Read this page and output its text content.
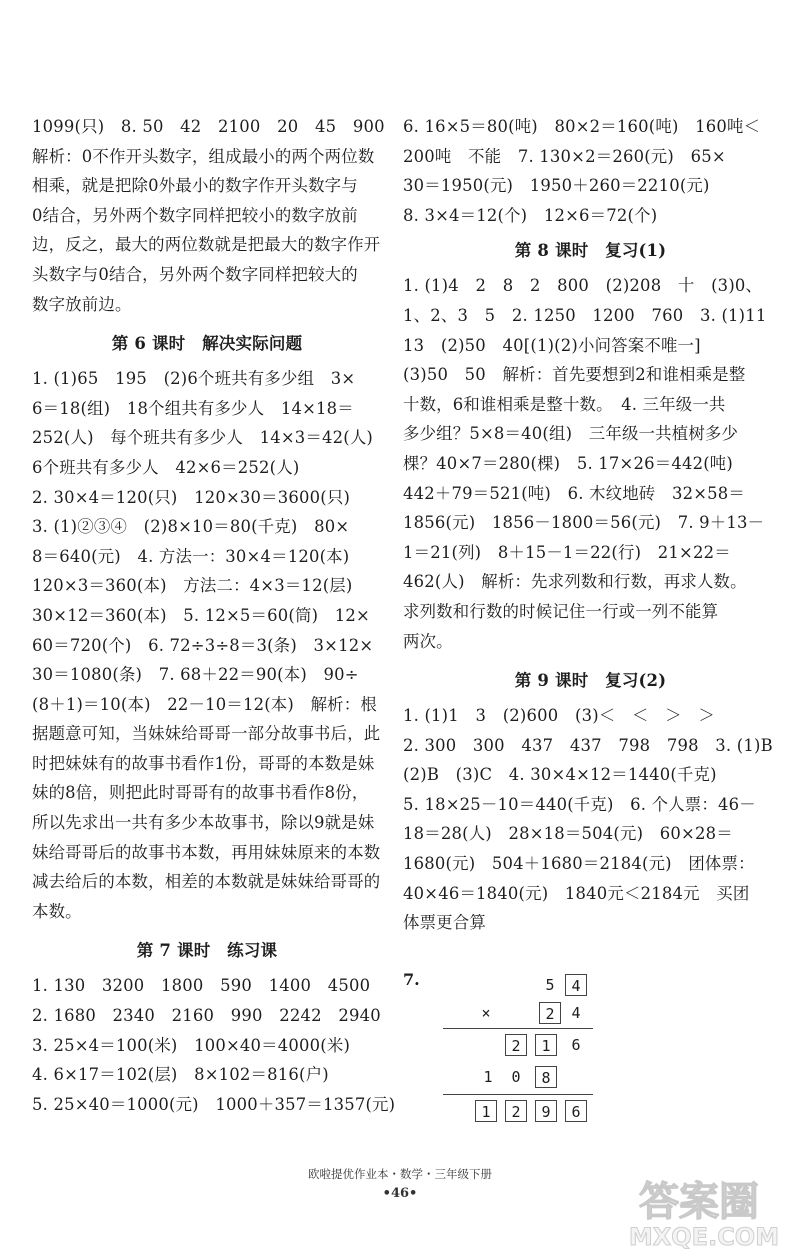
1099(只)　8. 50　42　2100　20　45　900
解析：0不作开头数字，组成最小的两个两位数
相乘，就是把除0外最小的数字作开头数字与
0结合，另外两个数字同样把较小的数字放前
边，反之，最大的两位数就是把最大的数字作开
头数字与0结合，另外两个数字同样把较大的
数字放前边。
第 6 课时　解决实际问题
1. (1)65　195　(2)6个班共有多少组　3×
6＝18(组)　18个组共有多少人　14×18＝
252(人)　每个班共有多少人　14×3＝42(人)
6个班共有多少人　42×6＝252(人)
2. 30×4＝120(只)　120×30＝3600(只)
3. (1)②③④　(2)8×10＝80(千克)　80×
8＝640(元)　4. 方法一：30×4＝120(本)
120×3＝360(本)　方法二：4×3＝12(层)
30×12＝360(本)　5. 12×5＝60(筒)　12×
60＝720(个)　6. 72÷3÷8＝3(条)　3×12×
30＝1080(条)　7. 68＋22＝90(本)　90÷
(8＋1)＝10(本)　22－10＝12(本)　解析：根
据题意可知，当妹妹给哥哥一部分故事书后，此
时把妹妹有的故事书看作1份，哥哥的本数是妹
妹的8倍，则把此时哥哥有的故事书看作8份，
所以先求出一共有多少本故事书，除以9就是妹
妹给哥哥后的故事书本数，再用妹妹原来的本数
减去给后的本数，相差的本数就是妹妹给哥哥的
本数。
第 7 课时　练习课
1. 130　3200　1800　590　1400　4500
2. 1680　2340　2160　990　2242　2940
3. 25×4＝100(米)　100×40＝4000(米)
4. 6×17＝102(层)　8×102＝816(户)
5. 25×40＝1000(元)　1000＋357＝1357(元)
6. 16×5＝80(吨)　80×2＝160(吨)　160吨＜
200吨　不能　7. 130×2＝260(元)　65×
30＝1950(元)　1950＋260＝2210(元)
8. 3×4＝12(个)　12×6＝72(个)
第 8 课时　复习(1)
1. (1)4　2　8　2　800　(2)208　十　(3)0、
1、2、3　5　2. 1250　1200　760　3. (1)11
13　(2)50　40[(1)(2)小问答案不唯一]
(3)50　50　解析：首先要想到2和谁相乘是整
十数，6和谁相乘是整十数。　4. 三年级一共
多少组？5×8＝40(组)　三年级一共植树多少
棵？40×7＝280(棵)　5. 17×26＝442(吨)
442＋79＝521(吨)　6. 木纹地砖　32×58＝
1856(元)　1856－1800＝56(元)　7. 9＋13－
1＝21(列)　8＋15－1＝22(行)　21×22＝
462(人)　解析：先求列数和行数，再求人数。
求列数和行数的时候记住一行或一列不能算
两次。
第 9 课时　复习(2)
1. (1)1　3　(2)600　(3)＜　＜　＞　＞
2. 300　300　437　437　798　798　3. (1)B
(2)B　(3)C　4. 30×4×12＝1440(千克)
5. 18×25－10＝440(千克)　6. 个人票：46－
18＝28(人)　28×18＝504(元)　60×28＝
1680(元)　504＋1680＝2184(元)　团体票：
40×46＝1840(元)　1840元＜2184元　买团
体票更合算
7.	5	4
×	2	4
2	1	6
1	0	8
1	2	9	6
欧啦提优作业本・数学・三年级下册
•46•	答案圈
MXQE.COM
